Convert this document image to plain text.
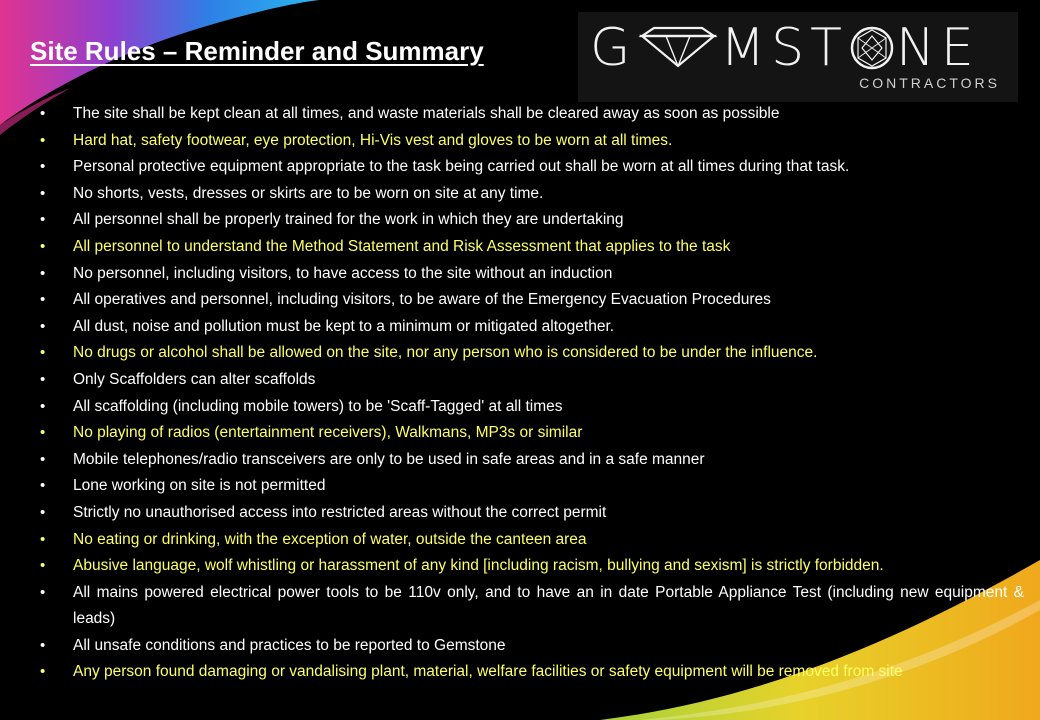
Site Rules – Reminder and Summary G MST NE
CONTRACTORS
• The site shall be kept clean at all times, and waste materials shall be cleared away as soon as possible
• Hard hat, safety footwear, eye protection, Hi-Vis vest and gloves to be worn at all times.
• Personal protective equipment appropriate to the task being carried out shall be worn at all times during that task.
• No shorts, vests, dresses or skirts are to be worn on site at any time.
• All personnel shall be properly trained for the work in which they are undertaking
• All personnel to understand the Method Statement and Risk Assessment that applies to the task
• No personnel, including visitors, to have access to the site without an induction
• All operatives and personnel, including visitors, to be aware of the Emergency Evacuation Procedures
• All dust, noise and pollution must be kept to a minimum or mitigated altogether.
• No drugs or alcohol shall be allowed on the site, nor any person who is considered to be under the influence.
• Only Scaffolders can alter scaffolds
• All scaffolding (including mobile towers) to be 'Scaff-Tagged' at all times
• No playing of radios (entertainment receivers), Walkmans, MP3s or similar
• Mobile telephones/radio transceivers are only to be used in safe areas and in a safe manner
• Lone working on site is not permitted
• Strictly no unauthorised access into restricted areas without the correct permit
• No eating or drinking, with the exception of water, outside the canteen area
• Abusive language, wolf whistling or harassment of any kind [including racism, bullying and sexism] is strictly forbidden.
• All mains powered electrical power tools to be 110v only, and to have an in date Portable Appliance Test (including new equipment & leads)
• All unsafe conditions and practices to be reported to Gemstone
• Any person found damaging or vandalising plant, material, welfare facilities or safety equipment will be removed from site
